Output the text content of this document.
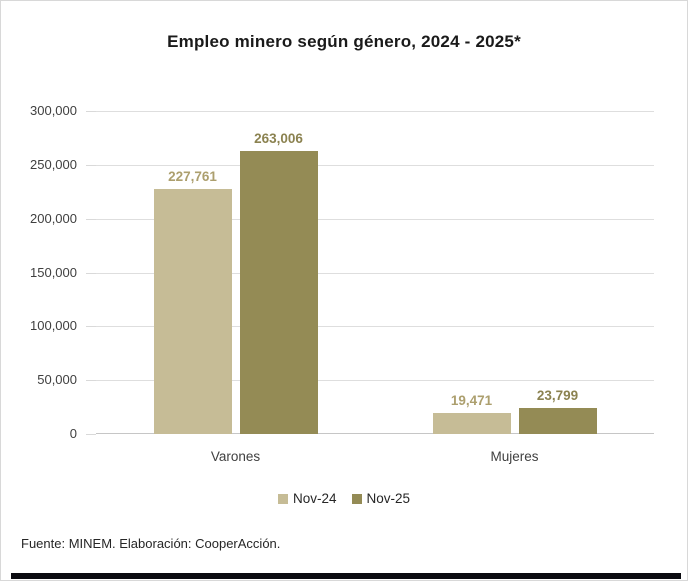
Empleo minero según género, 2024 - 2025*
227,761
263,006
19,471	23,799
0
50,000
100,000
150,000
200,000
250,000
300,000
Varones	Mujeres
Nov-24 Nov-25
Fuente: MINEM. Elaboración: CooperAcción.
